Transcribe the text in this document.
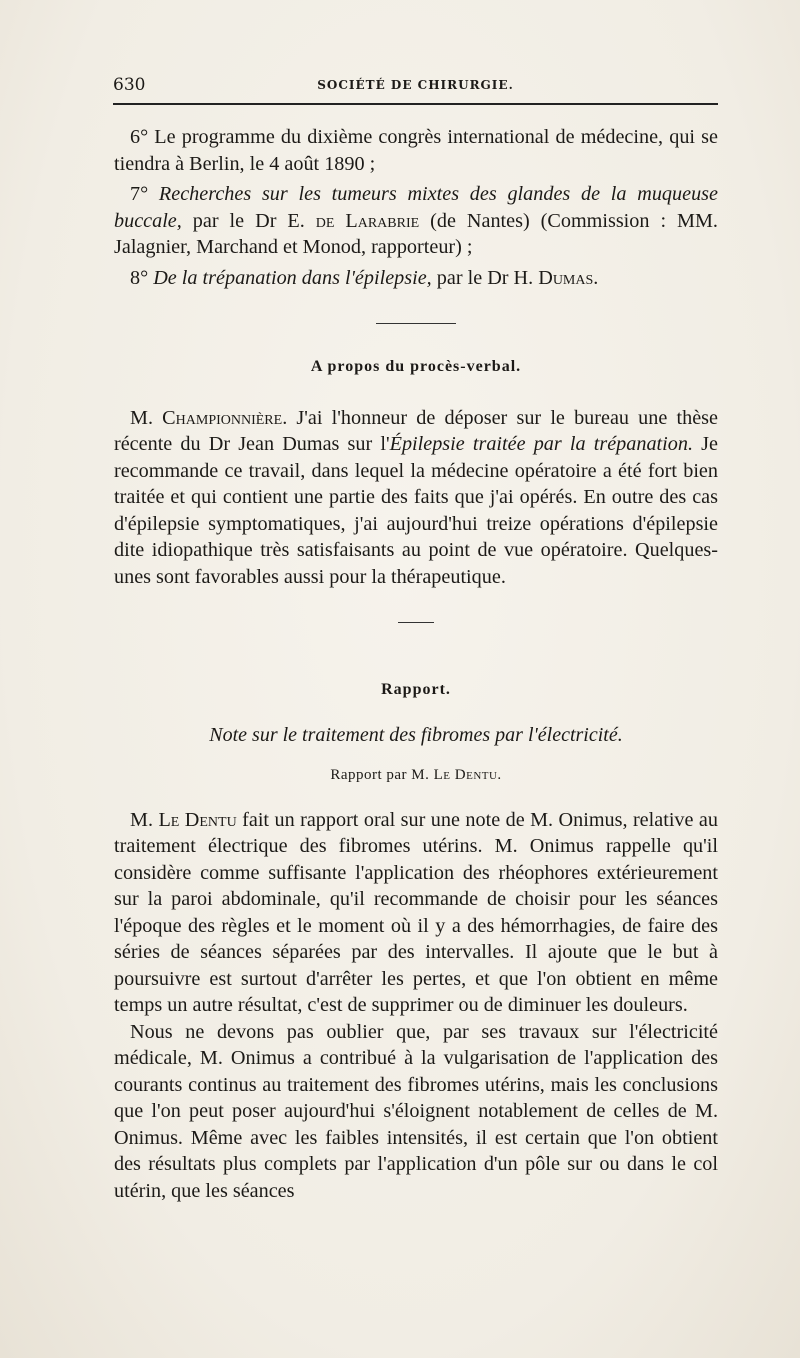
630	SOCIÉTÉ DE CHIRURGIE.

6° Le programme du dixième congrès international de médecine, qui se tiendra à Berlin, le 4 août 1890 ;

7° Recherches sur les tumeurs mixtes des glandes de la muqueuse buccale, par le Dr E. de Larabrie (de Nantes) (Commission : MM. Jalagnier, Marchand et Monod, rapporteur) ;

8° De la trépanation dans l'épilepsie, par le Dr H. Dumas.

A propos du procès-verbal.

M. Championnière. J'ai l'honneur de déposer sur le bureau une thèse récente du Dr Jean Dumas sur l'Épilepsie traitée par la trépanation. Je recommande ce travail, dans lequel la médecine opératoire a été fort bien traitée et qui contient une partie des faits que j'ai opérés. En outre des cas d'épilepsie symptomatiques, j'ai aujourd'hui treize opérations d'épilepsie dite idiopathique très satisfaisants au point de vue opératoire. Quelques-unes sont favorables aussi pour la thérapeutique.

Rapport.
Note sur le traitement des fibromes par l'électricité.
Rapport par M. Le Dentu.

M. Le Dentu fait un rapport oral sur une note de M. Onimus, relative au traitement électrique des fibromes utérins. M. Onimus rappelle qu'il considère comme suffisante l'application des rhéophores extérieurement sur la paroi abdominale, qu'il recommande de choisir pour les séances l'époque des règles et le moment où il y a des hémorrhagies, de faire des séries de séances séparées par des intervalles. Il ajoute que le but à poursuivre est surtout d'arrêter les pertes, et que l'on obtient en même temps un autre résultat, c'est de supprimer ou de diminuer les douleurs.

Nous ne devons pas oublier que, par ses travaux sur l'électricité médicale, M. Onimus a contribué à la vulgarisation de l'application des courants continus au traitement des fibromes utérins, mais les conclusions que l'on peut poser aujourd'hui s'éloignent notablement de celles de M. Onimus. Même avec les faibles intensités, il est certain que l'on obtient des résultats plus complets par l'application d'un pôle sur ou dans le col utérin, que les séances
